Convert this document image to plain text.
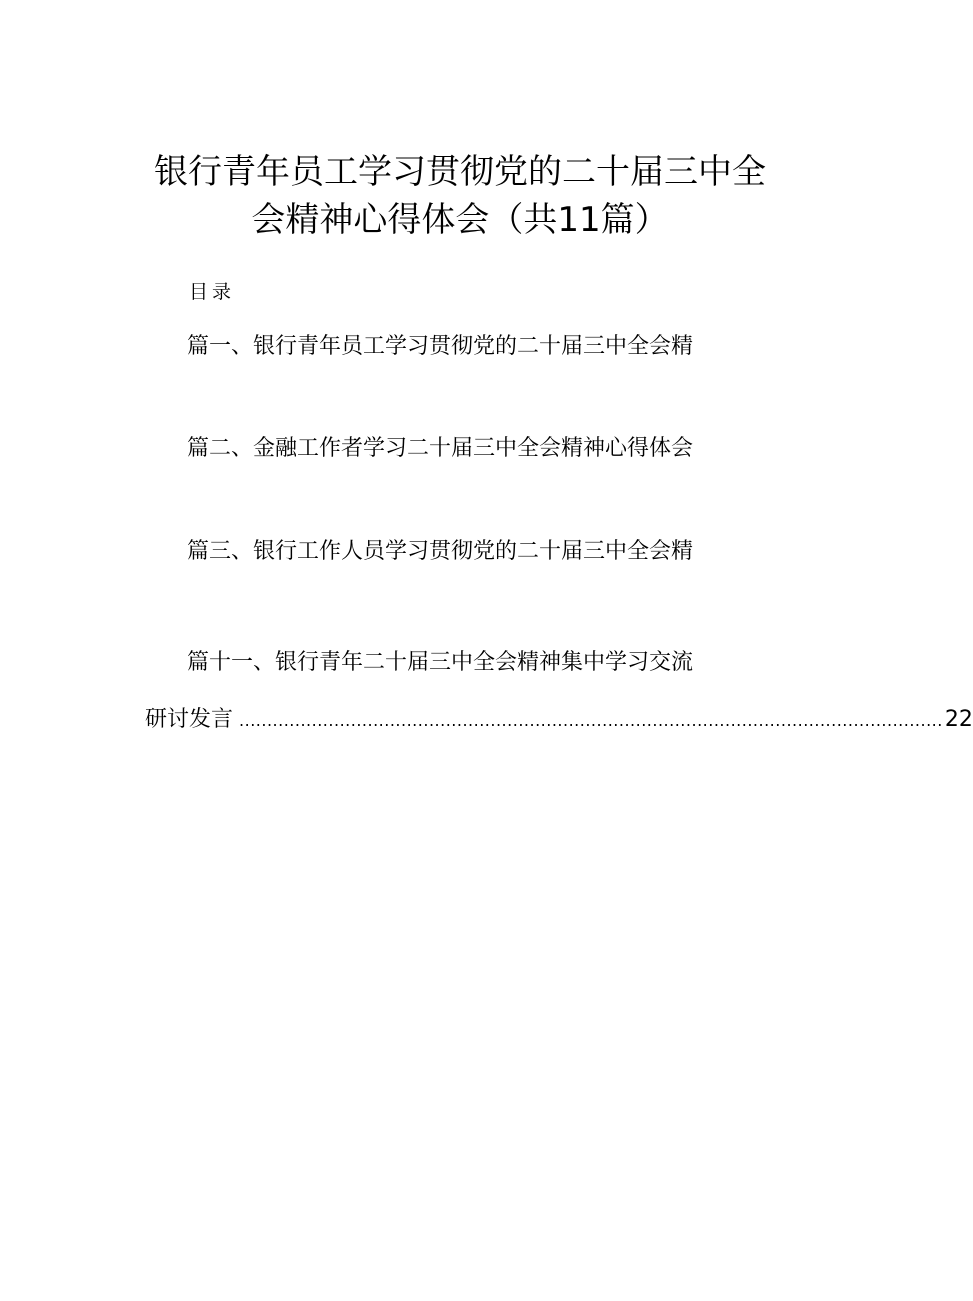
银行青年员工学习贯彻党的二十届三中全
会精神心得体会（共11篇）
目录
篇一、银行青年员工学习贯彻党的二十届三中全会精
篇二、金融工作者学习二十届三中全会精神心得体会
篇三、银行工作人员学习贯彻党的二十届三中全会精
篇十一、银行青年二十届三中全会精神集中学习交流
研讨发言 .............................................................................................................................. 22
